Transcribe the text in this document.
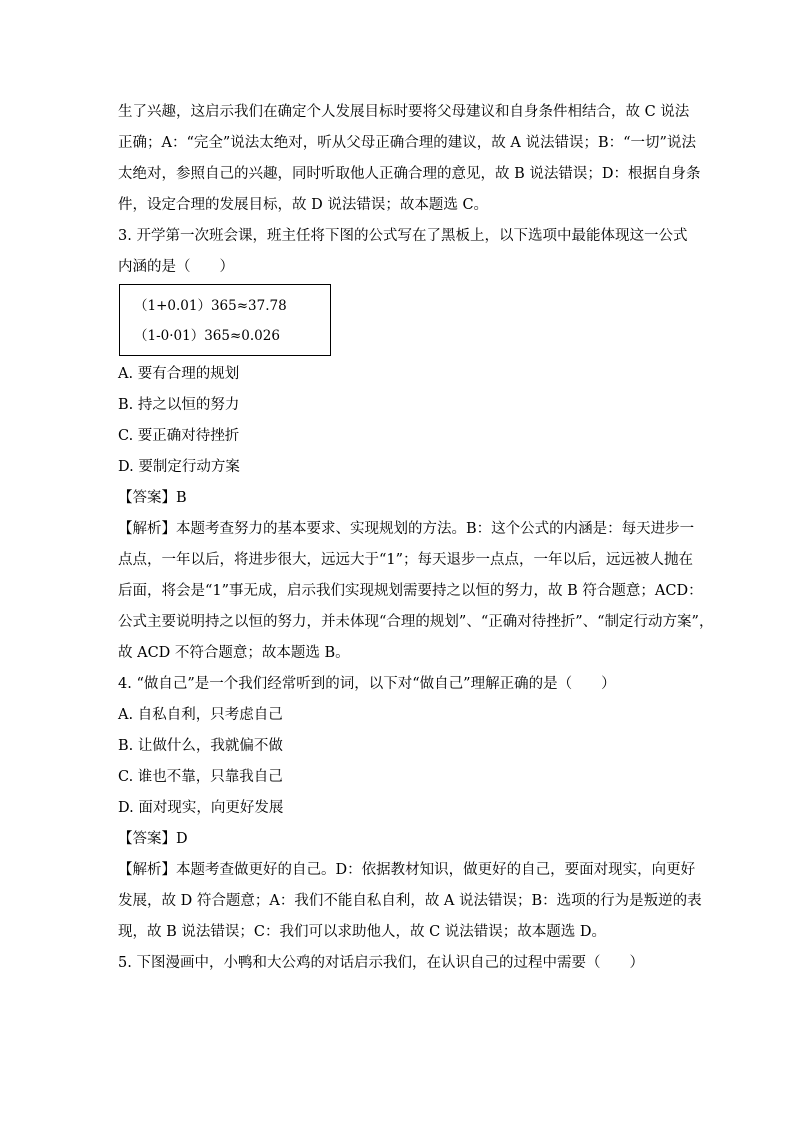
生了兴趣，这启示我们在确定个人发展目标时要将父母建议和自身条件相结合，故 C 说法
正确；A：“完全”说法太绝对，听从父母正确合理的建议，故 A 说法错误；B：“一切”说法
太绝对，参照自己的兴趣，同时听取他人正确合理的意见，故 B 说法错误；D：根据自身条
件，设定合理的发展目标，故 D 说法错误；故本题选 C。
3. 开学第一次班会课，班主任将下图的公式写在了黑板上，以下选项中最能体现这一公式
内涵的是（　　）
（1+0.01）365≈37.78
（1-0·01）365≈0.026
A. 要有合理的规划
B. 持之以恒的努力
C. 要正确对待挫折
D. 要制定行动方案
【答案】B
【解析】本题考查努力的基本要求、实现规划的方法。B：这个公式的内涵是：每天进步一
点点，一年以后，将进步很大，远远大于“1”；每天退步一点点，一年以后，远远被人抛在
后面，将会是“1”事无成，启示我们实现规划需要持之以恒的努力，故 B 符合题意；ACD：
公式主要说明持之以恒的努力，并未体现“合理的规划”、“正确对待挫折”、“制定行动方案”，
故 ACD 不符合题意；故本题选 B。
4. “做自己”是一个我们经常听到的词，以下对“做自己”理解正确的是（　　）
A. 自私自利，只考虑自己
B. 让做什么，我就偏不做
C. 谁也不靠，只靠我自己
D. 面对现实，向更好发展
【答案】D
【解析】本题考查做更好的自己。D：依据教材知识，做更好的自己，要面对现实，向更好
发展，故 D 符合题意；A：我们不能自私自利，故 A 说法错误；B：选项的行为是叛逆的表
现，故 B 说法错误；C：我们可以求助他人，故 C 说法错误；故本题选 D。
5. 下图漫画中，小鸭和大公鸡的对话启示我们，在认识自己的过程中需要（　　）
